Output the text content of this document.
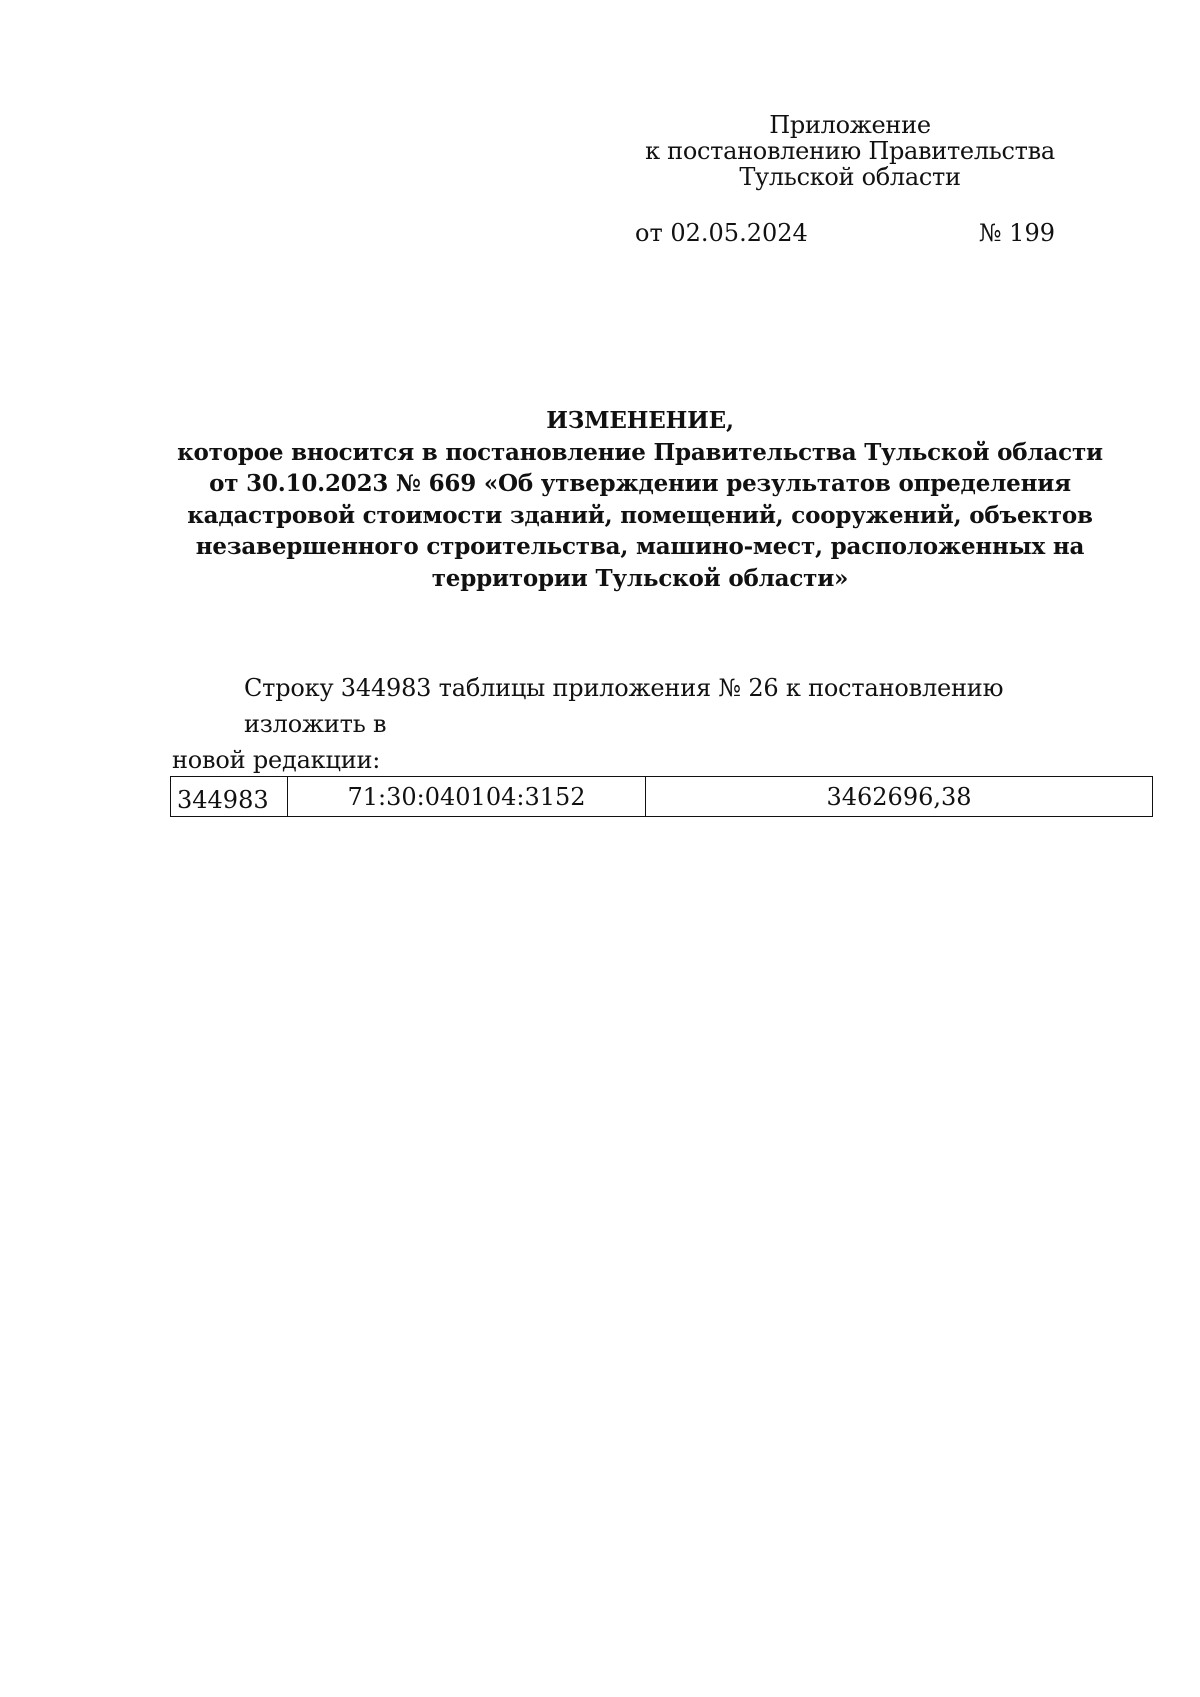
Приложение
к постановлению Правительства
Тульской области
от 02.05.2024	№ 199
ИЗМЕНЕНИЕ,
которое вносится в постановление Правительства Тульской области
от 30.10.2023 № 669 «Об утверждении результатов определения
кадастровой стоимости зданий, помещений, сооружений, объектов
незавершенного строительства, машино-мест, расположенных на
территории Тульской области»
Строку 344983 таблицы приложения № 26 к постановлению изложить в
новой редакции:
344983	71:30:040104:3152	3462696,38
